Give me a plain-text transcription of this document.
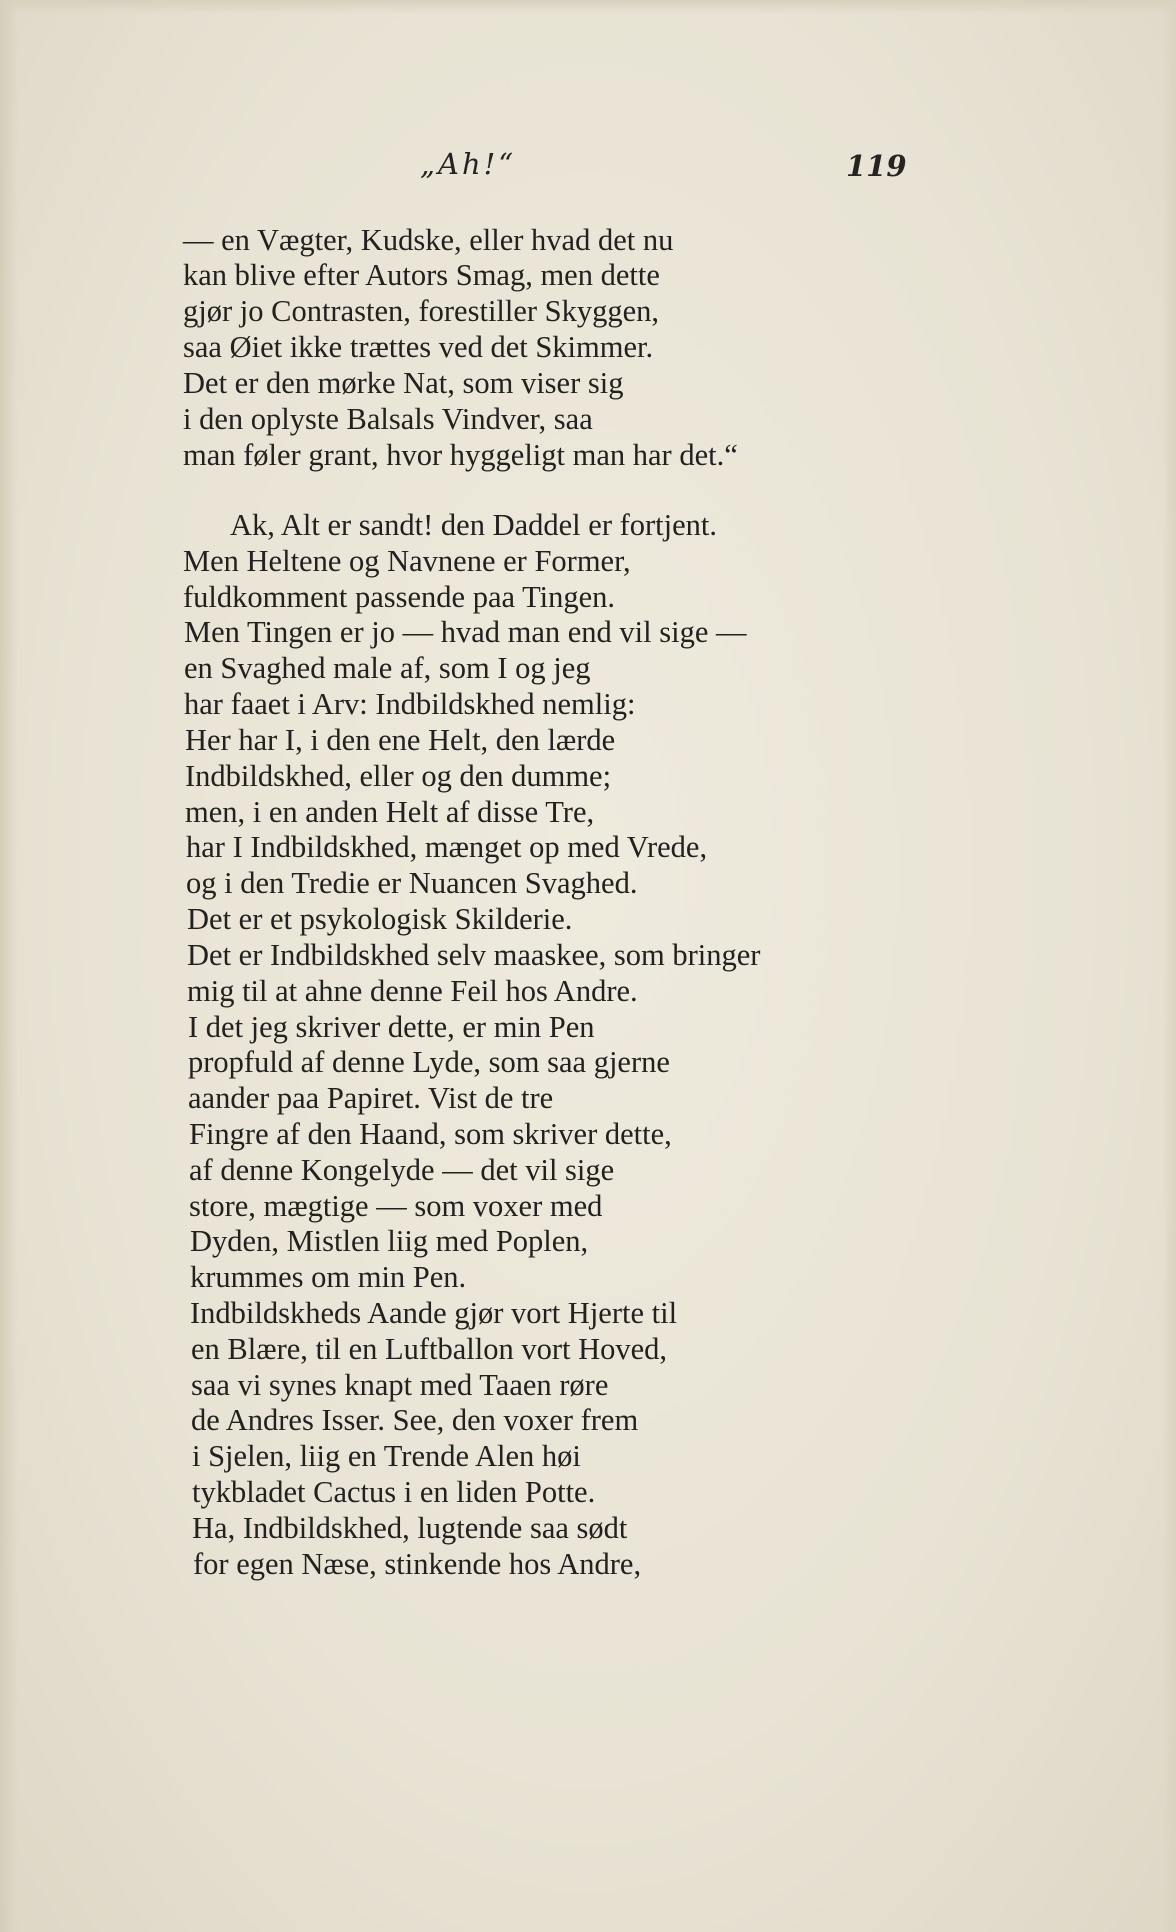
„Ah!“	119
— en Vægter, Kudske, eller hvad det nu
kan blive efter Autors Smag, men dette
gjør jo Contrasten, forestiller Skyggen,
saa Øiet ikke trættes ved det Skimmer.
Det er den mørke Nat, som viser sig
i den oplyste Balsals Vindver, saa
man føler grant, hvor hyggeligt man har det.“
Ak, Alt er sandt! den Daddel er fortjent.
Men Heltene og Navnene er Former,
fuldkomment passende paa Tingen.
Men Tingen er jo — hvad man end vil sige —
en Svaghed male af, som I og jeg
har faaet i Arv: Indbildskhed nemlig:
Her har I, i den ene Helt, den lærde
Indbildskhed, eller og den dumme;
men, i en anden Helt af disse Tre,
har I Indbildskhed, mænget op med Vrede,
og i den Tredie er Nuancen Svaghed.
Det er et psykologisk Skilderie.
Det er Indbildskhed selv maaskee, som bringer
mig til at ahne denne Feil hos Andre.
I det jeg skriver dette, er min Pen
propfuld af denne Lyde, som saa gjerne
aander paa Papiret. Vist de tre
Fingre af den Haand, som skriver dette,
af denne Kongelyde — det vil sige
store, mægtige — som voxer med
Dyden, Mistlen liig med Poplen,
krummes om min Pen.
Indbildskheds Aande gjør vort Hjerte til
en Blære, til en Luftballon vort Hoved,
saa vi synes knapt med Taaen røre
de Andres Isser. See, den voxer frem
i Sjelen, liig en Trende Alen høi
tykbladet Cactus i en liden Potte.
Ha, Indbildskhed, lugtende saa sødt
for egen Næse, stinkende hos Andre,
